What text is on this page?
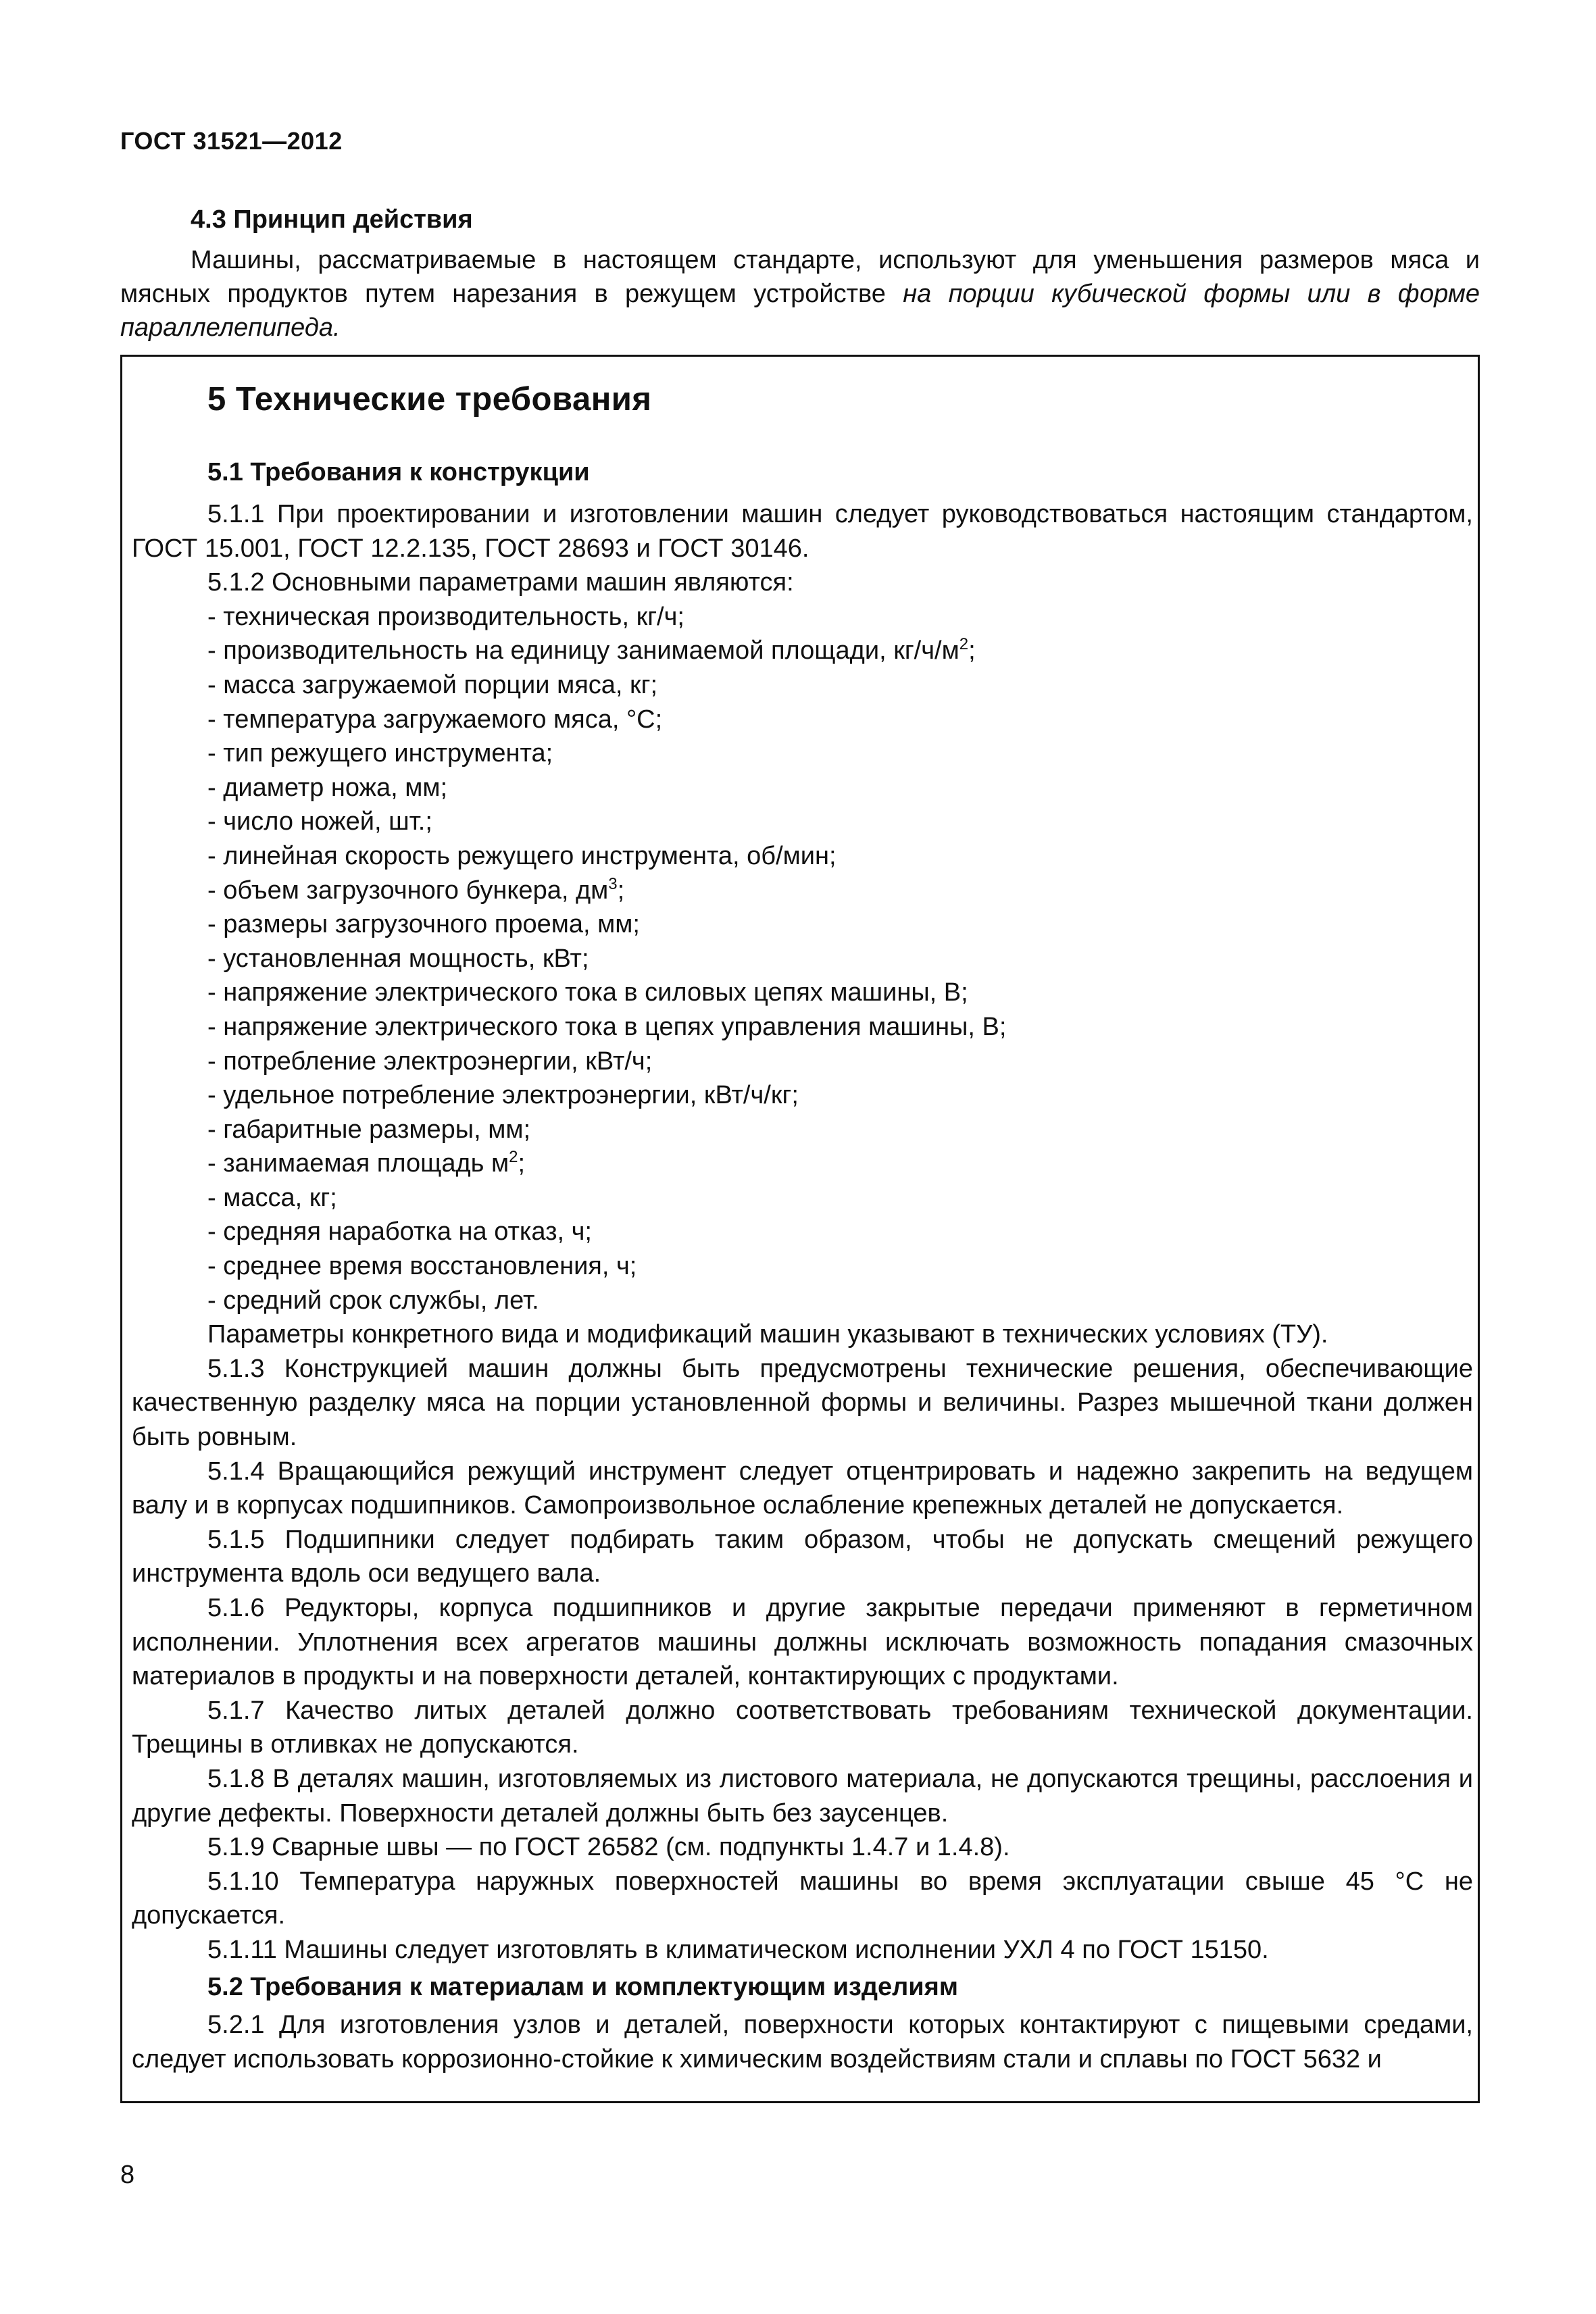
ГОСТ 31521—2012
4.3 Принцип действия
Машины, рассматриваемые в настоящем стандарте, используют для уменьшения размеров мяса и мясных продуктов путем нарезания в режущем устройстве на порции кубической формы или в форме параллелепипеда.
5 Технические требования
5.1 Требования к конструкции
5.1.1 При проектировании и изготовлении машин следует руководствоваться настоящим стандартом, ГОСТ 15.001, ГОСТ 12.2.135, ГОСТ 28693 и ГОСТ 30146.
5.1.2 Основными параметрами машин являются:
- техническая производительность, кг/ч;
- производительность на единицу занимаемой площади, $кг/ч/м^2$;
- масса загружаемой порции мяса, кг;
- температура загружаемого мяса, °С;
- тип режущего инструмента;
- диаметр ножа, мм;
- число ножей, шт.;
- линейная скорость режущего инструмента, об/мин;
- объем загрузочного бункера, $дм^3$;
- размеры загрузочного проема, мм;
- установленная мощность, кВт;
- напряжение электрического тока в силовых цепях машины, В;
- напряжение электрического тока в цепях управления машины, В;
- потребление электроэнергии, кВт/ч;
- удельное потребление электроэнергии, кВт/ч/кг;
- габаритные размеры, мм;
- занимаемая площадь $м^2$;
- масса, кг;
- средняя наработка на отказ, ч;
- среднее время восстановления, ч;
- средний срок службы, лет.
Параметры конкретного вида и модификаций машин указывают в технических условиях (ТУ).
5.1.3 Конструкцией машин должны быть предусмотрены технические решения, обеспечивающие качественную разделку мяса на порции установленной формы и величины. Разрез мышечной ткани должен быть ровным.
5.1.4 Вращающийся режущий инструмент следует отцентрировать и надежно закрепить на ведущем валу и в корпусах подшипников. Самопроизвольное ослабление крепежных деталей не допускается.
5.1.5 Подшипники следует подбирать таким образом, чтобы не допускать смещений режущего инструмента вдоль оси ведущего вала.
5.1.6 Редукторы, корпуса подшипников и другие закрытые передачи применяют в герметичном исполнении. Уплотнения всех агрегатов машины должны исключать возможность попадания смазочных материалов в продукты и на поверхности деталей, контактирующих с продуктами.
5.1.7 Качество литых деталей должно соответствовать требованиям технической документации. Трещины в отливках не допускаются.
5.1.8 В деталях машин, изготовляемых из листового материала, не допускаются трещины, расслоения и другие дефекты. Поверхности деталей должны быть без заусенцев.
5.1.9 Сварные швы — по ГОСТ 26582 (см. подпункты 1.4.7 и 1.4.8).
5.1.10 Температура наружных поверхностей машины во время эксплуатации свыше 45 °С не допускается.
5.1.11 Машины следует изготовлять в климатическом исполнении УХЛ 4 по ГОСТ 15150.
5.2 Требования к материалам и комплектующим изделиям
5.2.1 Для изготовления узлов и деталей, поверхности которых контактируют с пищевыми средами, следует использовать коррозионно-стойкие к химическим воздействиям стали и сплавы по ГОСТ 5632 и
8
